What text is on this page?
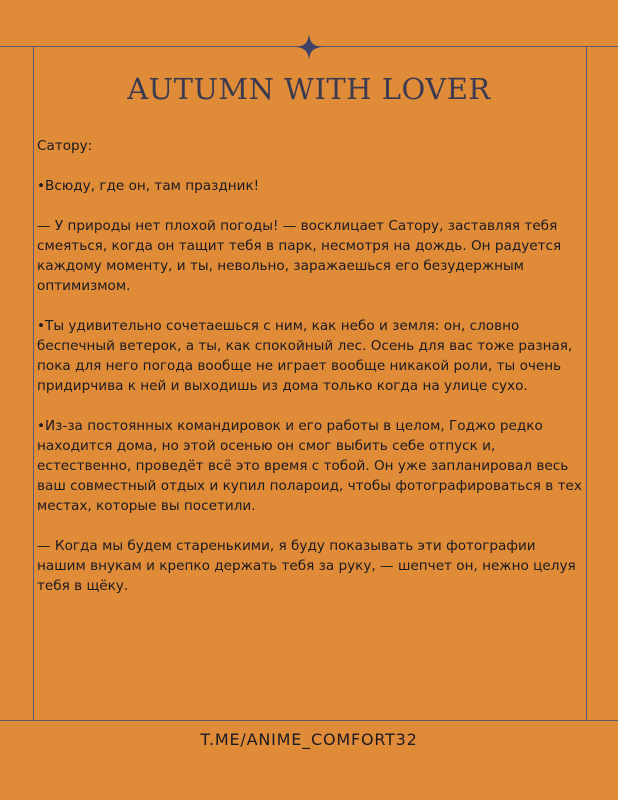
AUTUMN WITH LOVER

Сатору:

•Всюду, где он, там праздник!

— У природы нет плохой погоды! — восклицает Сатору, заставляя тебя смеяться, когда он тащит тебя в парк, несмотря на дождь. Он радуется каждому моменту, и ты, невольно, заражаешься его безудержным оптимизмом.

•Ты удивительно сочетаешься с ним, как небо и земля: он, словно беспечный ветерок, а ты, как спокойный лес. Осень для вас тоже разная, пока для него погода вообще не играет вообще никакой роли, ты очень придирчива к ней и выходишь из дома только когда на улице сухо.

•Из-за постоянных командировок и его работы в целом, Годжо редко находится дома, но этой осенью он смог выбить себе отпуск и, естественно, проведёт всё это время с тобой. Он уже запланировал весь ваш совместный отдых и купил полароид, чтобы фотографироваться в тех местах, которые вы посетили.

— Когда мы будем старенькими, я буду показывать эти фотографии нашим внукам и крепко держать тебя за руку, — шепчет он, нежно целуя тебя в щёку.

T.ME/ANIME_COMFORT32
